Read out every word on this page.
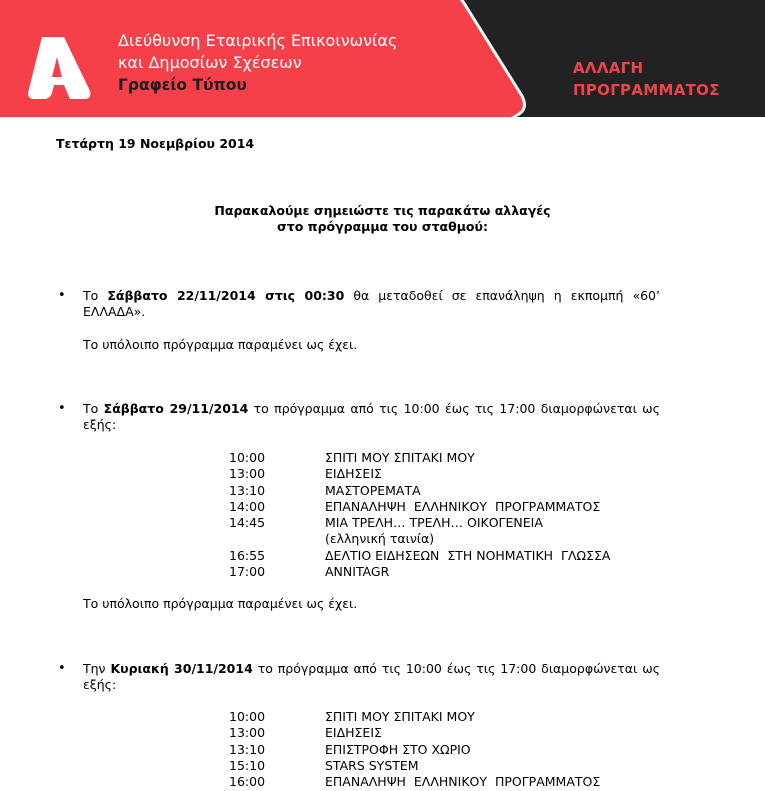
Διεύθυνση Εταιρικής Επικοινωνίας
και Δημοσίων Σχέσεων
Γραφείο Τύπου
ΑΛΛΑΓΗ
ΠΡΟΓΡΑΜΜΑΤΟΣ
Τετάρτη 19 Νοεμβρίου 2014
Παρακαλούμε σημειώστε τις παρακάτω αλλαγές
στο πρόγραμμα του σταθμού:
•	Το Σάββατο 22/11/2014 στις 00:30 θα μεταδοθεί σε επανάληψη η εκπομπή «60’ ΕΛΛΑΔΑ».
Το υπόλοιπο πρόγραμμα παραμένει ως έχει.
•	Το Σάββατο 29/11/2014 το πρόγραμμα από τις 10:00 έως τις 17:00 διαμορφώνεται ως εξής:
10:00	ΣΠΙΤΙ ΜΟΥ ΣΠΙΤΑΚΙ ΜΟΥ
13:00	ΕΙΔΗΣΕΙΣ
13:10	ΜΑΣΤΟΡΕΜΑΤΑ
14:00	ΕΠΑΝΑΛΗΨΗ  ΕΛΛΗΝΙΚΟΥ  ΠΡΟΓΡΑΜΜΑΤΟΣ
14:45	ΜΙΑ ΤΡΕΛΗ… ΤΡΕΛΗ… ΟΙΚΟΓΕΝΕΙΑ
(ελληνική ταινία)
16:55	ΔΕΛΤΙΟ ΕΙΔΗΣΕΩΝ  ΣΤΗ ΝΟΗΜΑΤΙΚΗ  ΓΛΩΣΣΑ
17:00	ANNITAGR
Το υπόλοιπο πρόγραμμα παραμένει ως έχει.
•	Την Κυριακή 30/11/2014 το πρόγραμμα από τις 10:00 έως τις 17:00 διαμορφώνεται ως εξής:
10:00	ΣΠΙΤΙ ΜΟΥ ΣΠΙΤΑΚΙ ΜΟΥ
13:00	ΕΙΔΗΣΕΙΣ
13:10	ΕΠΙΣΤΡΟΦΗ ΣΤΟ ΧΩΡΙΟ
15:10	STARS SYSTEM
16:00	ΕΠΑΝΑΛΗΨΗ  ΕΛΛΗΝΙΚΟΥ  ΠΡΟΓΡΑΜΜΑΤΟΣ
